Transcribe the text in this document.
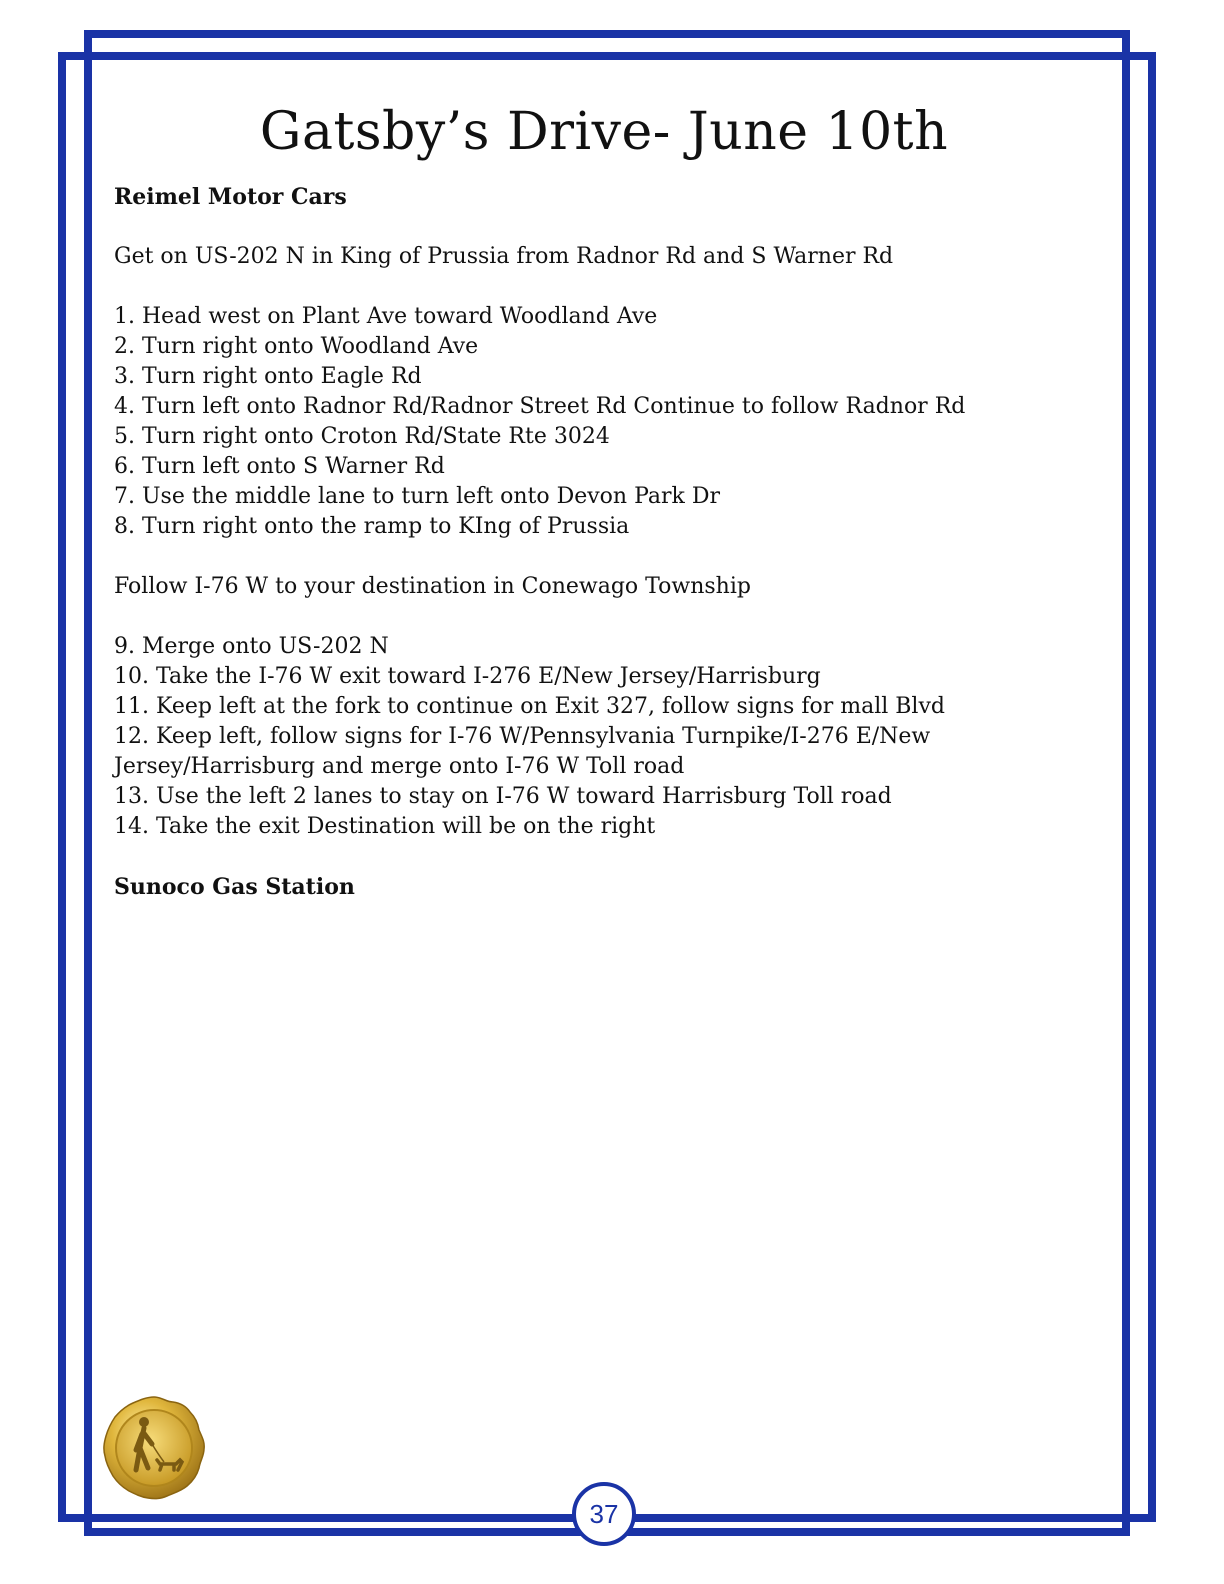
Gatsby’s Drive- June 10th

Reimel Motor Cars

Get on US-202 N in King of Prussia from Radnor Rd and S Warner Rd

1. Head west on Plant Ave toward Woodland Ave

2. Turn right onto Woodland Ave

3. Turn right onto Eagle Rd

4. Turn left onto Radnor Rd/Radnor Street Rd Continue to follow Radnor Rd

5. Turn right onto Croton Rd/State Rte 3024

6. Turn left onto S Warner Rd

7. Use the middle lane to turn left onto Devon Park Dr

8. Turn right onto the ramp to KIng of Prussia

Follow I-76 W to your destination in Conewago Township

9. Merge onto US-202 N

10. Take the I-76 W exit toward I-276 E/New Jersey/Harrisburg

11. Keep left at the fork to continue on Exit 327, follow signs for mall Blvd

12. Keep left, follow signs for I-76 W/Pennsylvania Turnpike/I-276 E/New Jersey/Harrisburg and merge onto I-76 W Toll road

13. Use the left 2 lanes to stay on I-76 W toward Harrisburg Toll road

14. Take the exit Destination will be on the right

Sunoco Gas Station

37
